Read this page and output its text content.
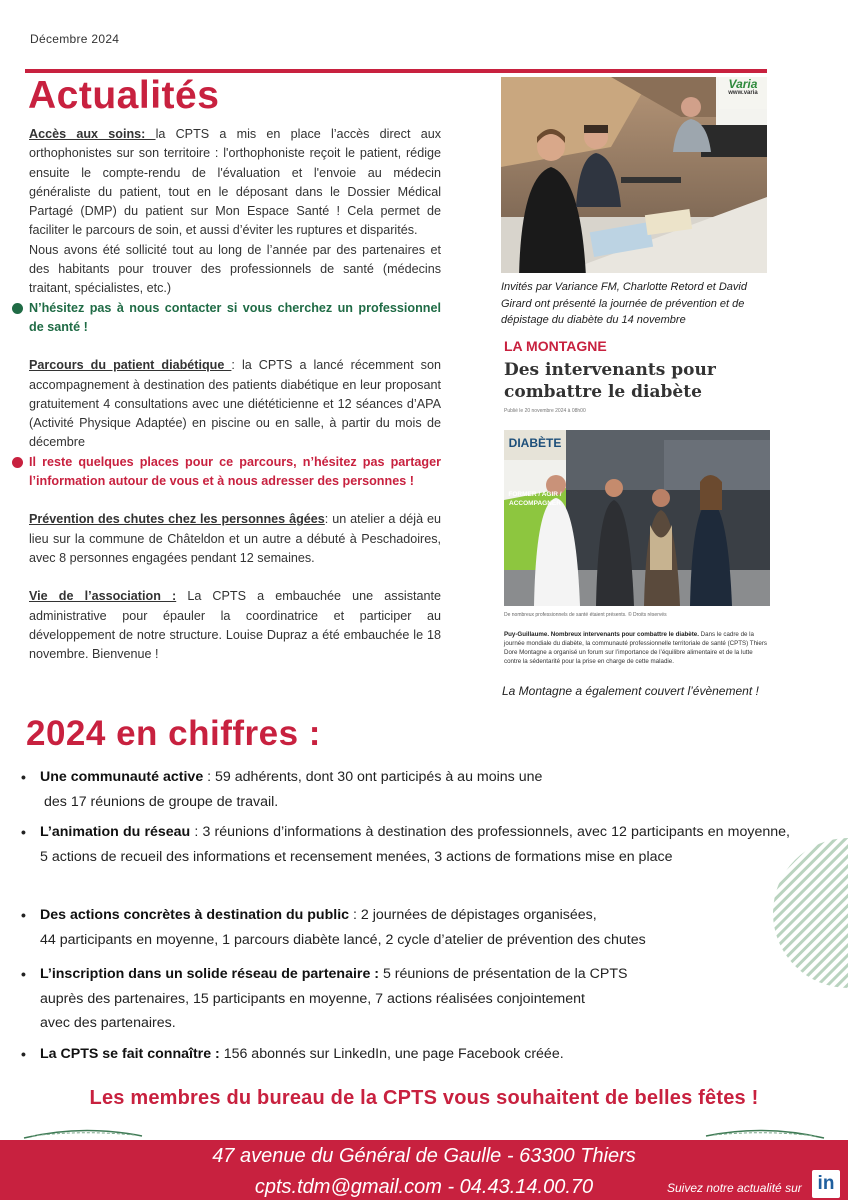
Décembre 2024
Actualités

Accès aux soins: la CPTS a mis en place l’accès direct aux orthophonistes sur son territoire : l'orthophoniste reçoit le patient, rédige ensuite le compte-rendu de l'évaluation et l'envoie au médecin généraliste du patient, tout en le déposant dans le Dossier Médical Partagé (DMP) du patient sur Mon Espace Santé ! Cela permet de faciliter le parcours de soin, et aussi d’éviter les ruptures et disparités.

Nous avons été sollicité tout au long de l’année par des partenaires et des habitants pour trouver des professionnels de santé (médecins traitant, spécialistes, etc.)

N’hésitez pas à nous contacter si vous cherchez un professionnel de santé !

Parcours du patient diabétique : la CPTS a lancé récemment son accompagnement à destination des patients diabétique en leur proposant gratuitement 4 consultations avec une diététicienne et 12 séances d’APA (Activité Physique Adaptée) en piscine ou en salle, à partir du mois de décembre

Il reste quelques places pour ce parcours, n’hésitez pas partager l’information autour de vous et à nous adresser des personnes !

Prévention des chutes chez les personnes âgées: un atelier a déjà eu lieu sur la commune de Châteldon et un autre a débuté à Peschadoires, avec 8 personnes engagées pendant 12 semaines.

Vie de l’association : La CPTS a embauchée une assistante administrative pour épauler la coordinatrice et participer au développement de notre structure. Louise Dupraz a été embauchée le 18 novembre. Bienvenue !

Varia
www.varia
Invités par Variance FM, Charlotte Retord et David Girard ont présenté la journée de prévention et de dépistage du diabète du 14 novembre
LA MONTAGNE
Des intervenants pour combattre le diabète
Publié le 20 novembre 2024 à 08h00
DIABÈTE
FORMER / AGIR / ACCOMPAGNER
De nombreux professionnels de santé étaient présents. © Droits réservés
Puy-Guillaume. Nombreux intervenants pour combattre le diabète. Dans le cadre de la journée mondiale du diabète, la communauté professionnelle territoriale de santé (CPTS) Thiers Dore Montagne a organisé un forum sur l’importance de l’équilibre alimentaire et de la lutte contre la sédentarité pour la prise en charge de cette maladie.
La Montagne a également couvert l’évènement !
2024 en chiffres :
• Une communauté active : 59 adhérents, dont 30 ont participés à au moins une
des 17 réunions de groupe de travail.
• L’animation du réseau : 3 réunions d’informations à destination des professionnels, avec 12 participants en moyenne, 5 actions de recueil des informations et recensement menées, 3 actions de formations mise en place
• Des actions concrètes à destination du public : 2 journées de dépistages organisées,
44 participants en moyenne, 1 parcours diabète lancé, 2 cycle d’atelier de prévention des chutes
• L’inscription dans un solide réseau de partenaire : 5 réunions de présentation de la CPTS
auprès des partenaires, 15 participants en moyenne, 7 actions réalisées conjointement
avec des partenaires.
• La CPTS se fait connaître : 156 abonnés sur LinkedIn, une page Facebook créée.
Les membres du bureau de la CPTS vous souhaitent de belles fêtes !
47 avenue du Général de Gaulle - 63300 Thiers
cpts.tdm@gmail.com - 04.43.14.00.70	Suivez notre actualité sur in
